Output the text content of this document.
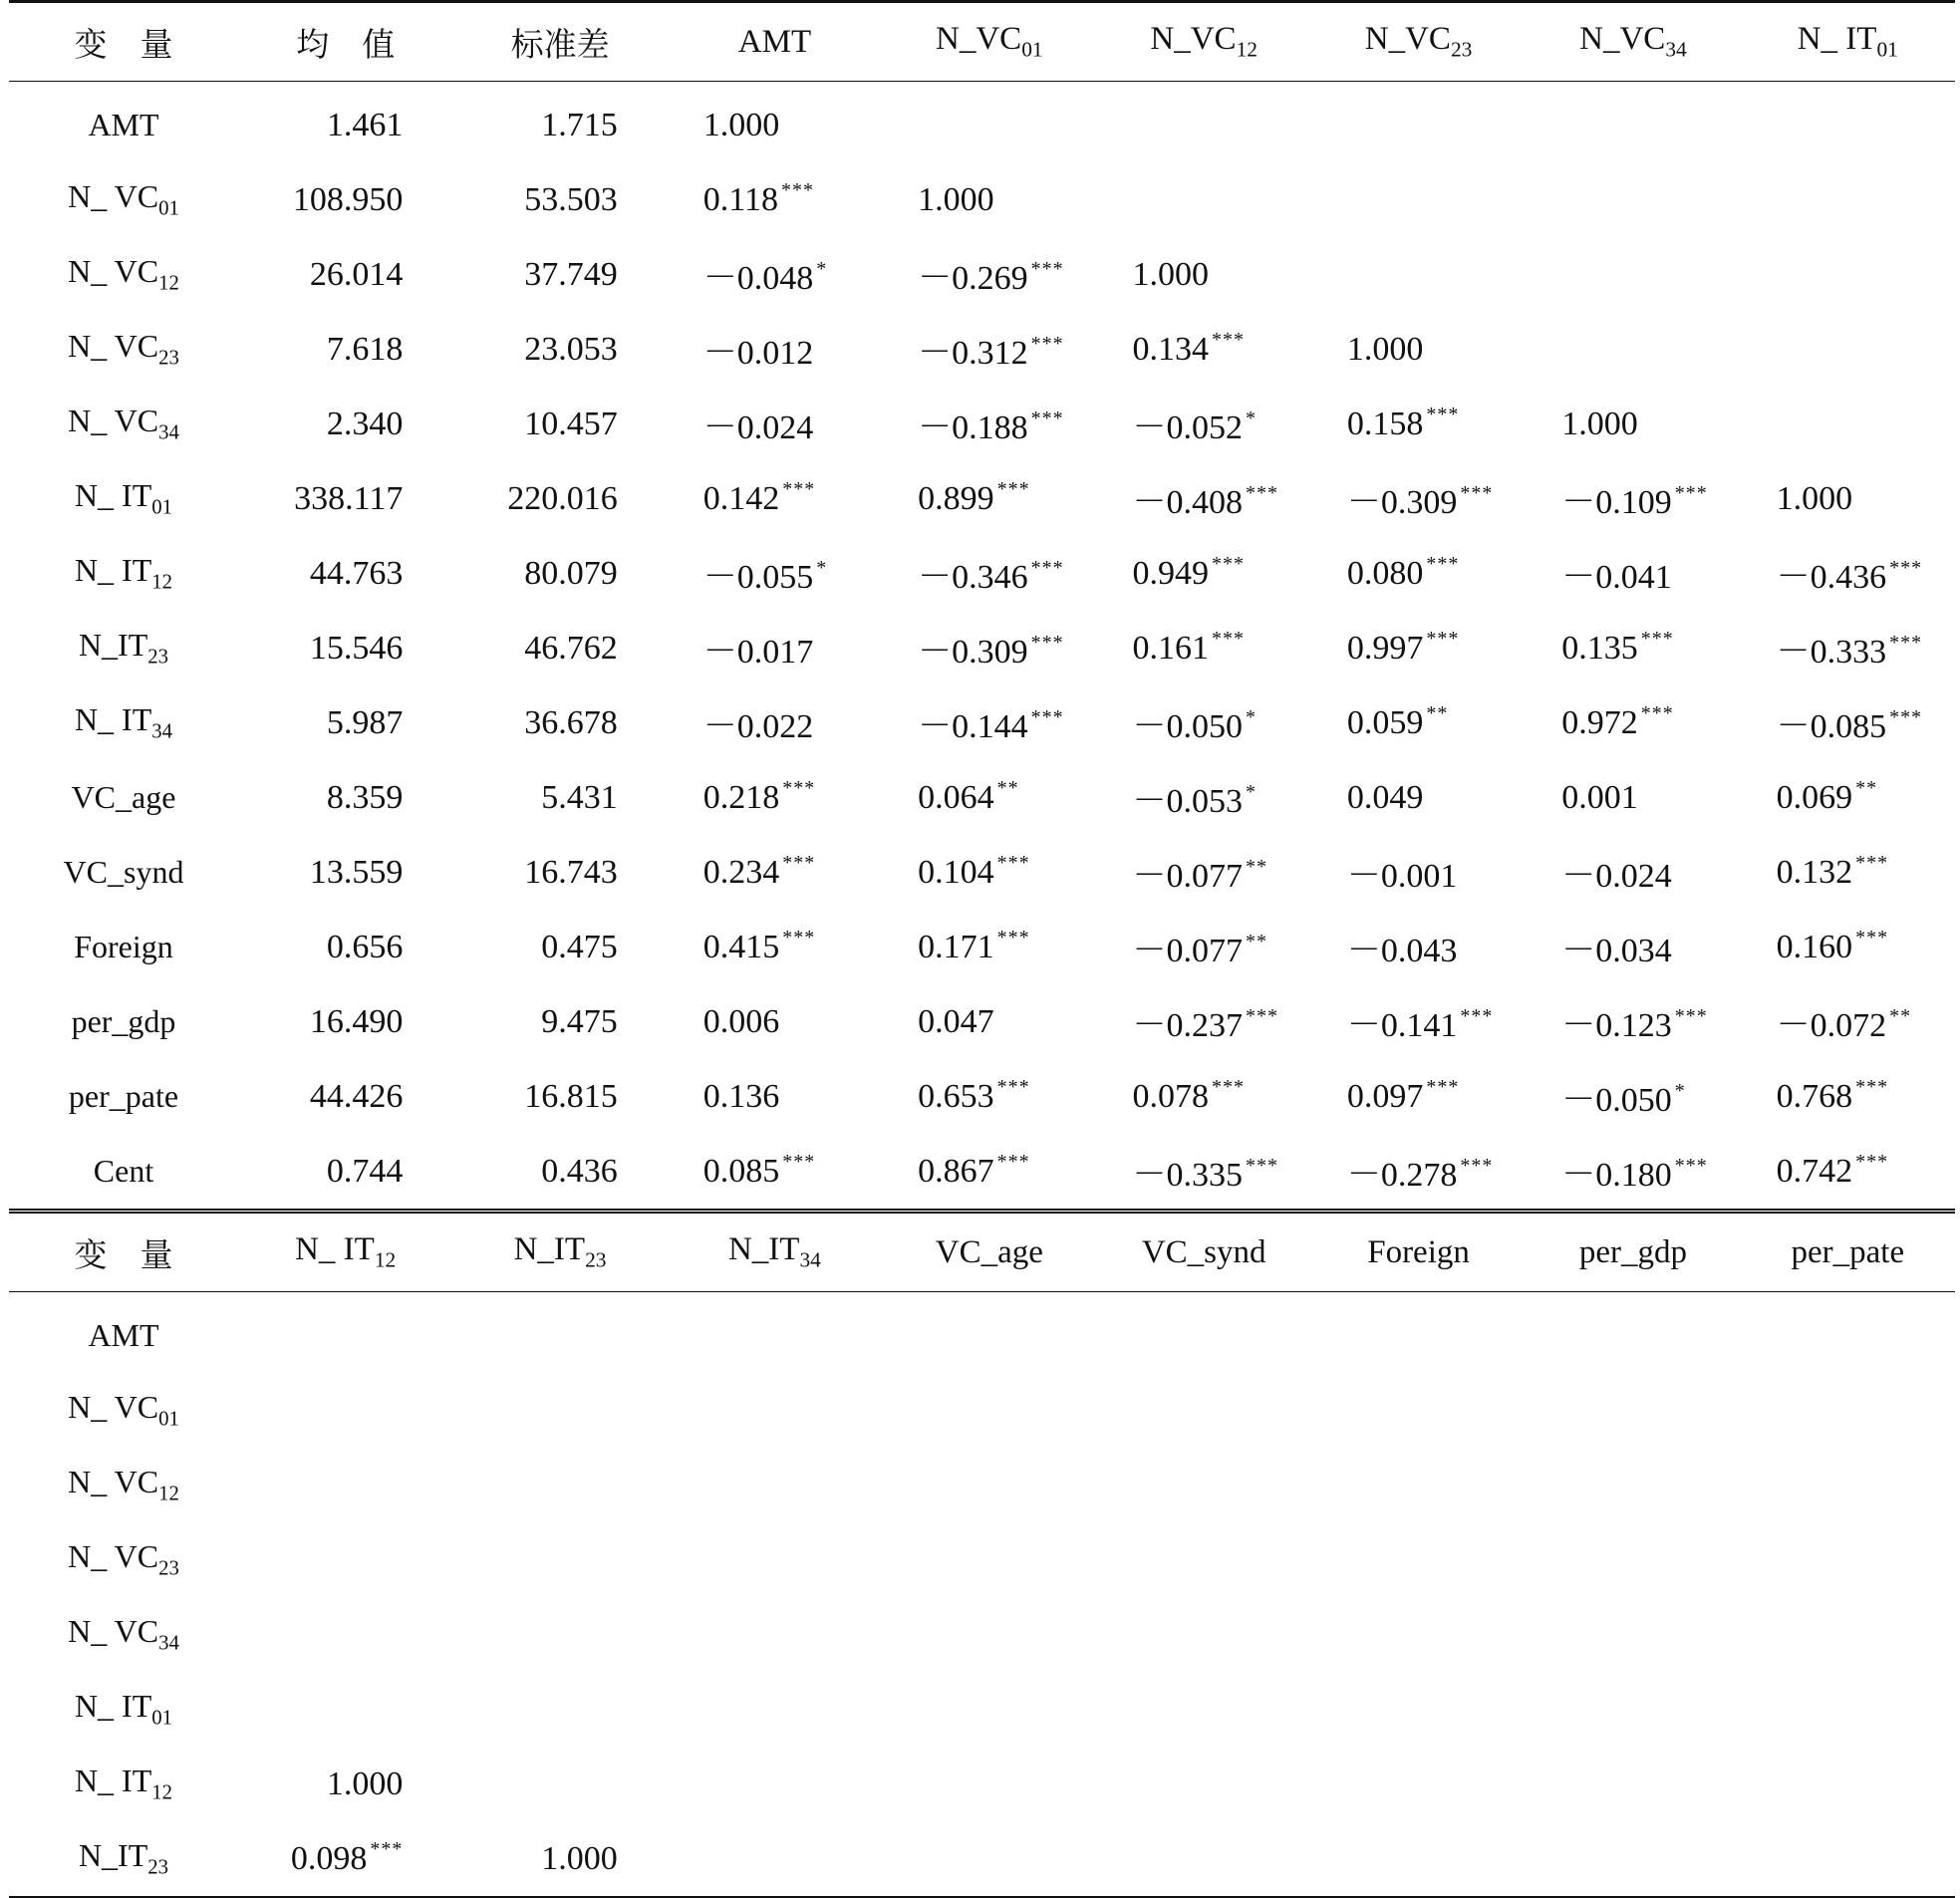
变　量	均　值	标准差	AMT	$N\_VC_{01}$	$N\_VC_{12}$	$N\_VC_{23}$	$N\_VC_{34}$	N_ $IT_{01}$
AMT	1.461	1.715	1.000					
N_ $VC_{01}$	108.950	53.503	0.118 ***	1.000				
N_ $VC_{12}$	26.014	37.749	－0.048 *	－0.269 ***	1.000			
N_ $VC_{23}$	7.618	23.053	－0.012	－0.312 ***	0.134 ***	1.000		
N_ $VC_{34}$	2.340	10.457	－0.024	－0.188 ***	－0.052 *	0.158 ***	1.000	
N_ $IT_{01}$	338.117	220.016	0.142 ***	0.899 ***	－0.408 ***	－0.309 ***	－0.109 ***	1.000
N_ $IT_{12}$	44.763	80.079	－0.055 *	－0.346 ***	0.949 ***	0.080 ***	－0.041	－0.436 ***
$N\_IT_{23}$	15.546	46.762	－0.017	－0.309 ***	0.161 ***	0.997 ***	0.135 ***	－0.333 ***
N_ $IT_{34}$	5.987	36.678	－0.022	－0.144 ***	－0.050 *	0.059 **	0.972 ***	－0.085 ***
VC_age	8.359	5.431	0.218 ***	0.064 **	－0.053 *	0.049	0.001	0.069 **
VC_synd	13.559	16.743	0.234 ***	0.104 ***	－0.077 **	－0.001	－0.024	0.132 ***
Foreign	0.656	0.475	0.415 ***	0.171 ***	－0.077 **	－0.043	－0.034	0.160 ***
per_gdp	16.490	9.475	0.006	0.047	－0.237 ***	－0.141 ***	－0.123 ***	－0.072 **
per_pate	44.426	16.815	0.136	0.653 ***	0.078 ***	0.097 ***	－0.050 *	0.768 ***
Cent	0.744	0.436	0.085 ***	0.867 ***	－0.335 ***	－0.278 ***	－0.180 ***	0.742 ***
变　量	N_ $IT_{12}$	$N\_IT_{23}$	$N\_IT_{34}$	VC_age	VC_synd	Foreign	per_gdp	per_pate
AMT								
N_ $VC_{01}$								
N_ $VC_{12}$								
N_ $VC_{23}$								
N_ $VC_{34}$								
N_ $IT_{01}$								
N_ $IT_{12}$	1.000							
$N\_IT_{23}$	0.098 ***	1.000						
